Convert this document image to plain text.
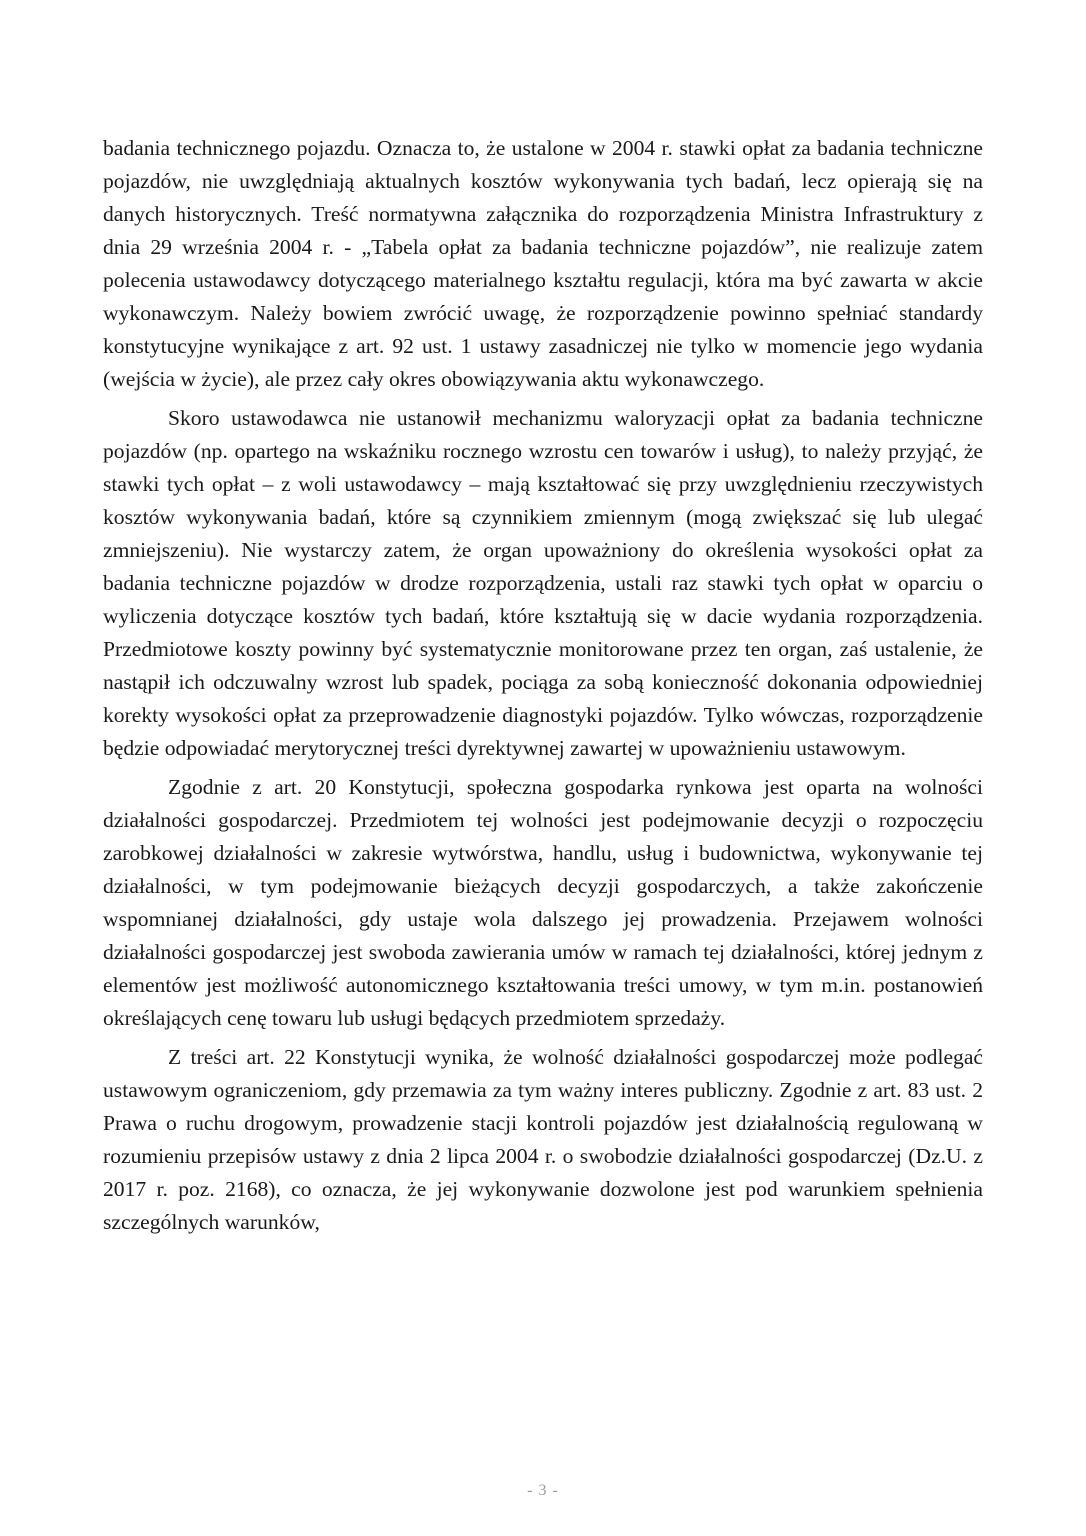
badania technicznego pojazdu. Oznacza to, że ustalone w 2004 r. stawki opłat za badania techniczne pojazdów, nie uwzględniają aktualnych kosztów wykonywania tych badań, lecz opierają się na danych historycznych. Treść normatywna załącznika do rozporządzenia Ministra Infrastruktury z dnia 29 września 2004 r. - „Tabela opłat za badania techniczne pojazdów”, nie realizuje zatem polecenia ustawodawcy dotyczącego materialnego kształtu regulacji, która ma być zawarta w akcie wykonawczym. Należy bowiem zwrócić uwagę, że rozporządzenie powinno spełniać standardy konstytucyjne wynikające z art. 92 ust. 1 ustawy zasadniczej nie tylko w momencie jego wydania (wejścia w życie), ale przez cały okres obowiązywania aktu wykonawczego.

Skoro ustawodawca nie ustanowił mechanizmu waloryzacji opłat za badania techniczne pojazdów (np. opartego na wskaźniku rocznego wzrostu cen towarów i usług), to należy przyjąć, że stawki tych opłat – z woli ustawodawcy – mają kształtować się przy uwzględnieniu rzeczywistych kosztów wykonywania badań, które są czynnikiem zmiennym (mogą zwiększać się lub ulegać zmniejszeniu). Nie wystarczy zatem, że organ upoważniony do określenia wysokości opłat za badania techniczne pojazdów w drodze rozporządzenia, ustali raz stawki tych opłat w oparciu o wyliczenia dotyczące kosztów tych badań, które kształtują się w dacie wydania rozporządzenia. Przedmiotowe koszty powinny być systematycznie monitorowane przez ten organ, zaś ustalenie, że nastąpił ich odczuwalny wzrost lub spadek, pociąga za sobą konieczność dokonania odpowiedniej korekty wysokości opłat za przeprowadzenie diagnostyki pojazdów. Tylko wówczas, rozporządzenie będzie odpowiadać merytorycznej treści dyrektywnej zawartej w upoważnieniu ustawowym.

Zgodnie z art. 20 Konstytucji, społeczna gospodarka rynkowa jest oparta na wolności działalności gospodarczej. Przedmiotem tej wolności jest podejmowanie decyzji o rozpoczęciu zarobkowej działalności w zakresie wytwórstwa, handlu, usług i budownictwa, wykonywanie tej działalności, w tym podejmowanie bieżących decyzji gospodarczych, a także zakończenie wspomnianej działalności, gdy ustaje wola dalszego jej prowadzenia. Przejawem wolności działalności gospodarczej jest swoboda zawierania umów w ramach tej działalności, której jednym z elementów jest możliwość autonomicznego kształtowania treści umowy, w tym m.in. postanowień określających cenę towaru lub usługi będących przedmiotem sprzedaży.

Z treści art. 22 Konstytucji wynika, że wolność działalności gospodarczej może podlegać ustawowym ograniczeniom, gdy przemawia za tym ważny interes publiczny. Zgodnie z art. 83 ust. 2 Prawa o ruchu drogowym, prowadzenie stacji kontroli pojazdów jest działalnością regulowaną w rozumieniu przepisów ustawy z dnia 2 lipca 2004 r. o swobodzie działalności gospodarczej (Dz.U. z 2017 r. poz. 2168), co oznacza, że jej wykonywanie dozwolone jest pod warunkiem spełnienia szczególnych warunków,

- 3 -
